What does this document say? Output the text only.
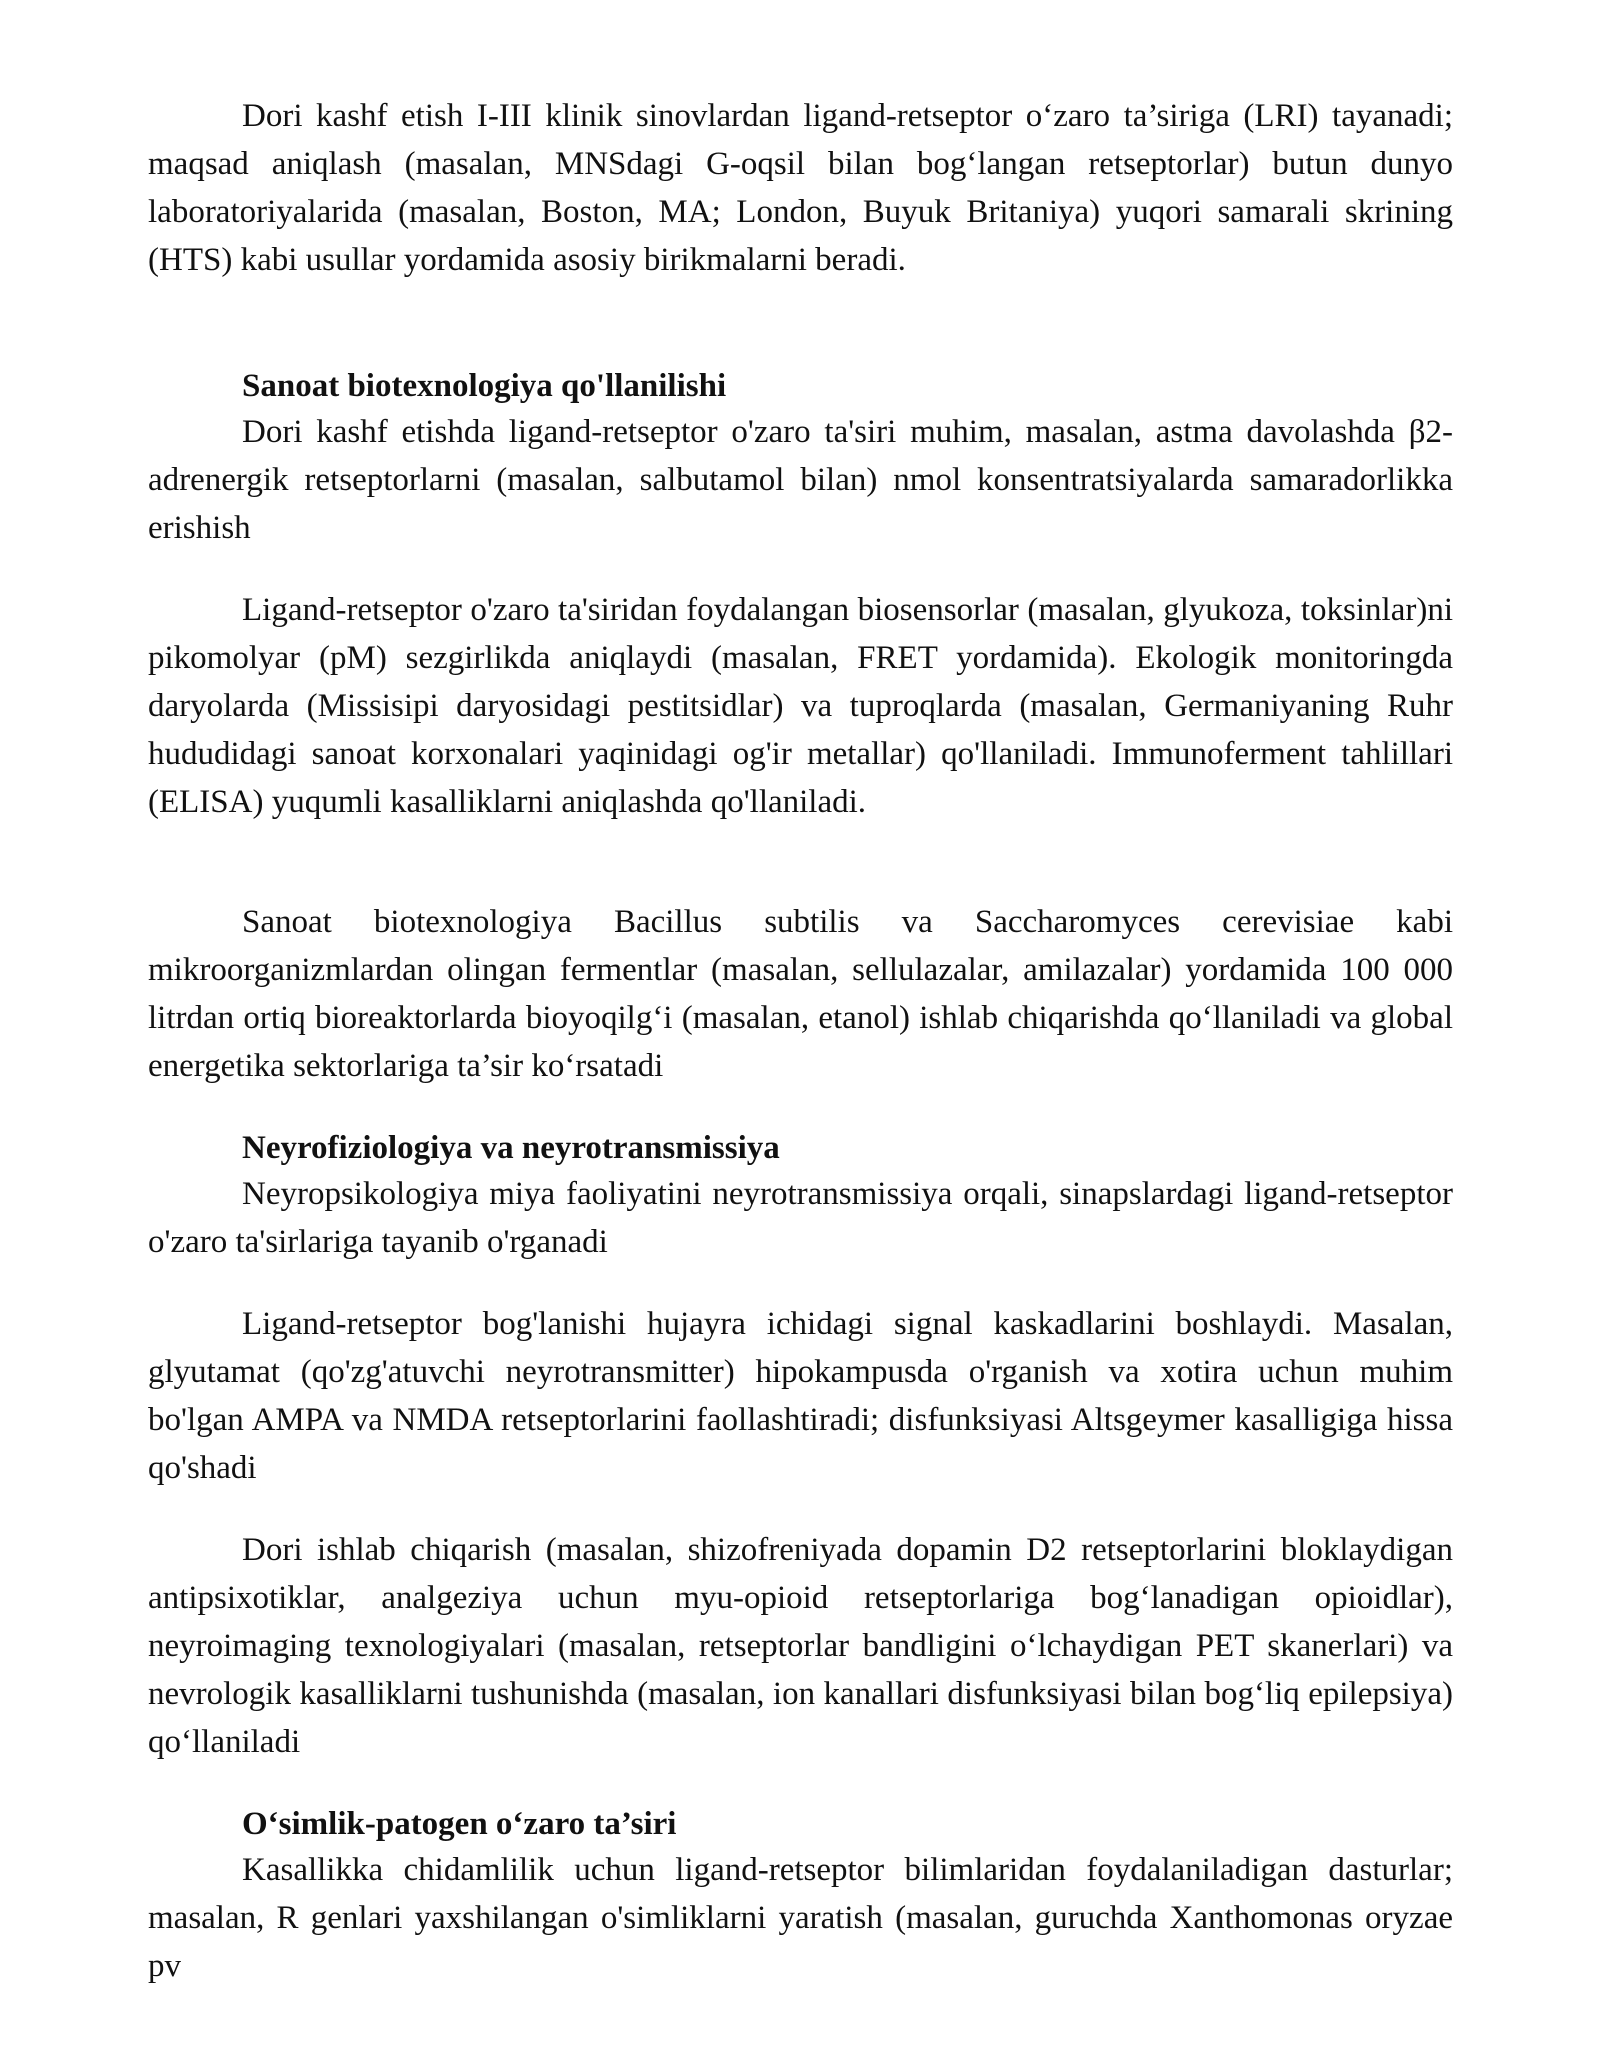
Dori kashf etish I-III klinik sinovlardan ligand-retseptor o‘zaro ta’siriga (LRI) tayanadi; maqsad aniqlash (masalan, MNSdagi G-oqsil bilan bog‘langan retseptorlar) butun dunyo laboratoriyalarida (masalan, Boston, MA; London, Buyuk Britaniya) yuqori samarali skrining (HTS) kabi usullar yordamida asosiy birikmalarni beradi.

Sanoat biotexnologiya qo'llanilishi

Dori kashf etishda ligand-retseptor o'zaro ta'siri muhim, masalan, astma davolashda β2-adrenergik retseptorlarni (masalan, salbutamol bilan) nmol konsentratsiyalarda samaradorlikka erishish

Ligand-retseptor o'zaro ta'siridan foydalangan biosensorlar (masalan, glyukoza, toksinlar)ni pikomolyar (pM) sezgirlikda aniqlaydi (masalan, FRET yordamida). Ekologik monitoringda daryolarda (Missisipi daryosidagi pestitsidlar) va tuproqlarda (masalan, Germaniyaning Ruhr hududidagi sanoat korxonalari yaqinidagi og'ir metallar) qo'llaniladi. Immunoferment tahlillari (ELISA) yuqumli kasalliklarni aniqlashda qo'llaniladi.

Sanoat biotexnologiya Bacillus subtilis va Saccharomyces cerevisiae kabi mikroorganizmlardan olingan fermentlar (masalan, sellulazalar, amilazalar) yordamida 100 000 litrdan ortiq bioreaktorlarda bioyoqilg‘i (masalan, etanol) ishlab chiqarishda qo‘llaniladi va global energetika sektorlariga ta’sir ko‘rsatadi

Neyrofiziologiya va neyrotransmissiya

Neyropsikologiya miya faoliyatini neyrotransmissiya orqali, sinapslardagi ligand-retseptor o'zaro ta'sirlariga tayanib o'rganadi

Ligand-retseptor bog'lanishi hujayra ichidagi signal kaskadlarini boshlaydi. Masalan, glyutamat (qo'zg'atuvchi neyrotransmitter) hipokampusda o'rganish va xotira uchun muhim bo'lgan AMPA va NMDA retseptorlarini faollashtiradi; disfunksiyasi Altsgeymer kasalligiga hissa qo'shadi

Dori ishlab chiqarish (masalan, shizofreniyada dopamin D2 retseptorlarini bloklaydigan antipsixotiklar, analgeziya uchun myu-opioid retseptorlariga bog‘lanadigan opioidlar), neyroimaging texnologiyalari (masalan, retseptorlar bandligini o‘lchaydigan PET skanerlari) va nevrologik kasalliklarni tushunishda (masalan, ion kanallari disfunksiyasi bilan bog‘liq epilepsiya) qo‘llaniladi

O‘simlik-patogen o‘zaro ta’siri

Kasallikka chidamlilik uchun ligand-retseptor bilimlaridan foydalaniladigan dasturlar; masalan, R genlari yaxshilangan o'simliklarni yaratish (masalan, guruchda Xanthomonas oryzae pv
